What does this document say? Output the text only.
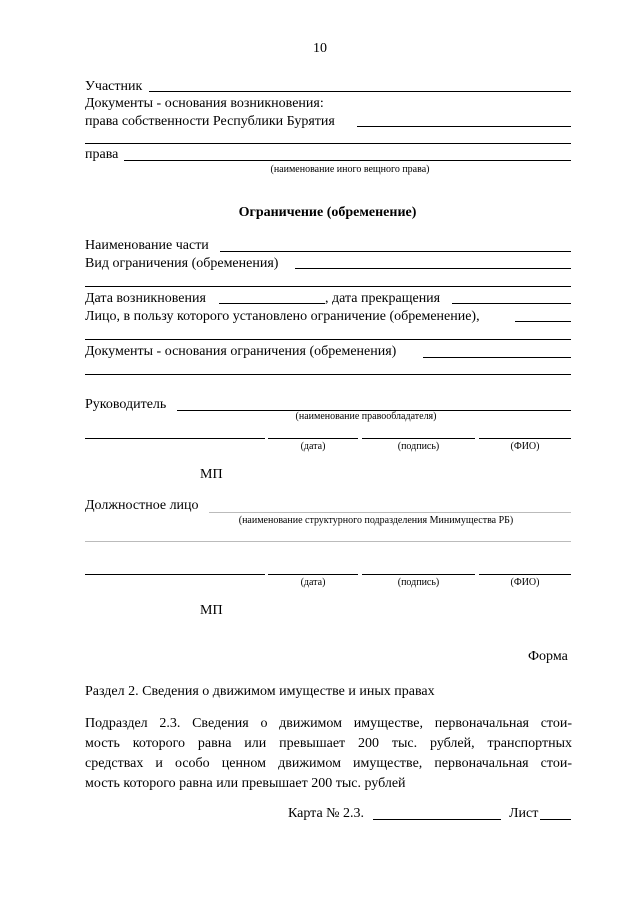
10
Участник
Документы - основания возникновения:
права собственности Республики Бурятия
права
(наименование иного вещного права)
Ограничение (обременение)
Наименование части
Вид ограничения (обременения)
Дата возникновения	, дата прекращения
Лицо, в пользу которого установлено ограничение (обременение),
Документы - основания ограничения (обременения)
Руководитель
(наименование правообладателя)
(дата)	(подпись)	(ФИО)
МП
Должностное лицо
(наименование структурного подразделения Минимущества РБ)
(дата)	(подпись)	(ФИО)
МП
Форма
Раздел 2. Сведения о движимом имуществе и иных правах
Подраздел 2.3. Сведения о движимом имуществе, первоначальная стои-
мость которого равна или превышает 200 тыс. рублей, транспортных
средствах и особо ценном движимом имуществе, первоначальная стои-
мость которого равна или превышает 200 тыс. рублей
Карта № 2.3.	Лист
